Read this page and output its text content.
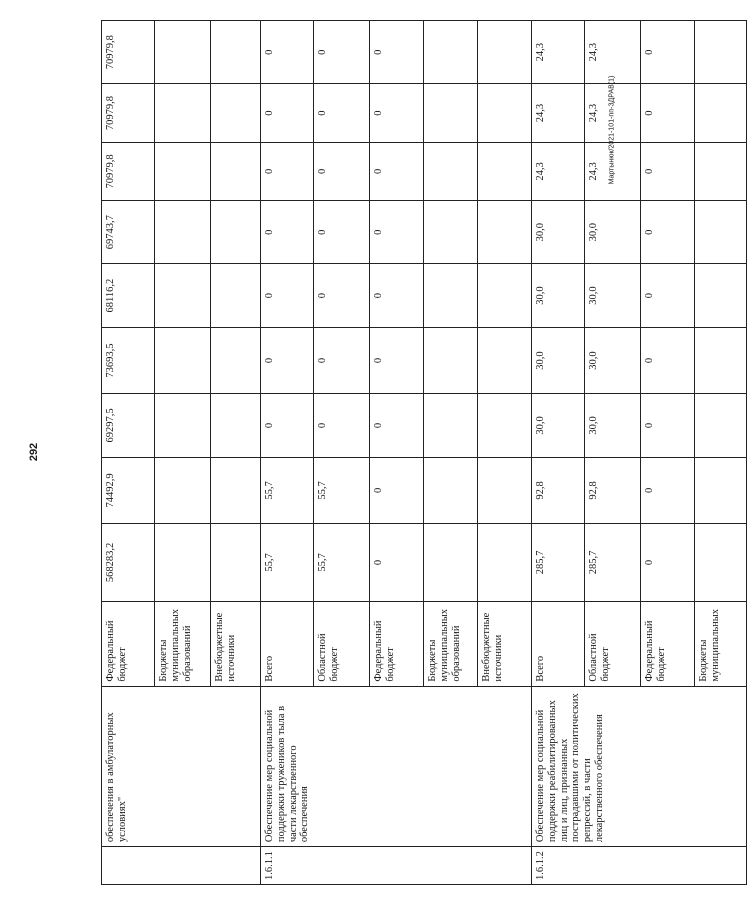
292
Мартынюк/2021-101-пп-ЗДРАВ(1)
	обеспечения в амбулаторных условиях"	Федеральный бюджет	568283,2	74492,9	69297,5	73693,5	68116,2	69743,7	70979,8	70979,8	70979,8
		Бюджеты муниципальных образований									
		Внебюджетные источники									
1.6.1.1	Обеспечение мер социальной поддержки тружеников тыла в части лекарственного обеспечения	Всего	55,7	55,7	0	0	0	0	0	0	0
		Областной бюджет	55,7	55,7	0	0	0	0	0	0	0
		Федеральный бюджет	0	0	0	0	0	0	0	0	0
		Бюджеты муниципальных образований									
		Внебюджетные источники									
1.6.1.2	Обеспечение мер социальной поддержки реабилитированных лиц и лиц, признанных пострадавшими от политических репрессий, в части лекарственного обеспечения	Всего	285,7	92,8	30,0	30,0	30,0	30,0	24,3	24,3	24,3
		Областной бюджет	285,7	92,8	30,0	30,0	30,0	30,0	24,3	24,3	24,3
		Федеральный бюджет	0	0	0	0	0	0	0	0	0
		Бюджеты муниципальных									
